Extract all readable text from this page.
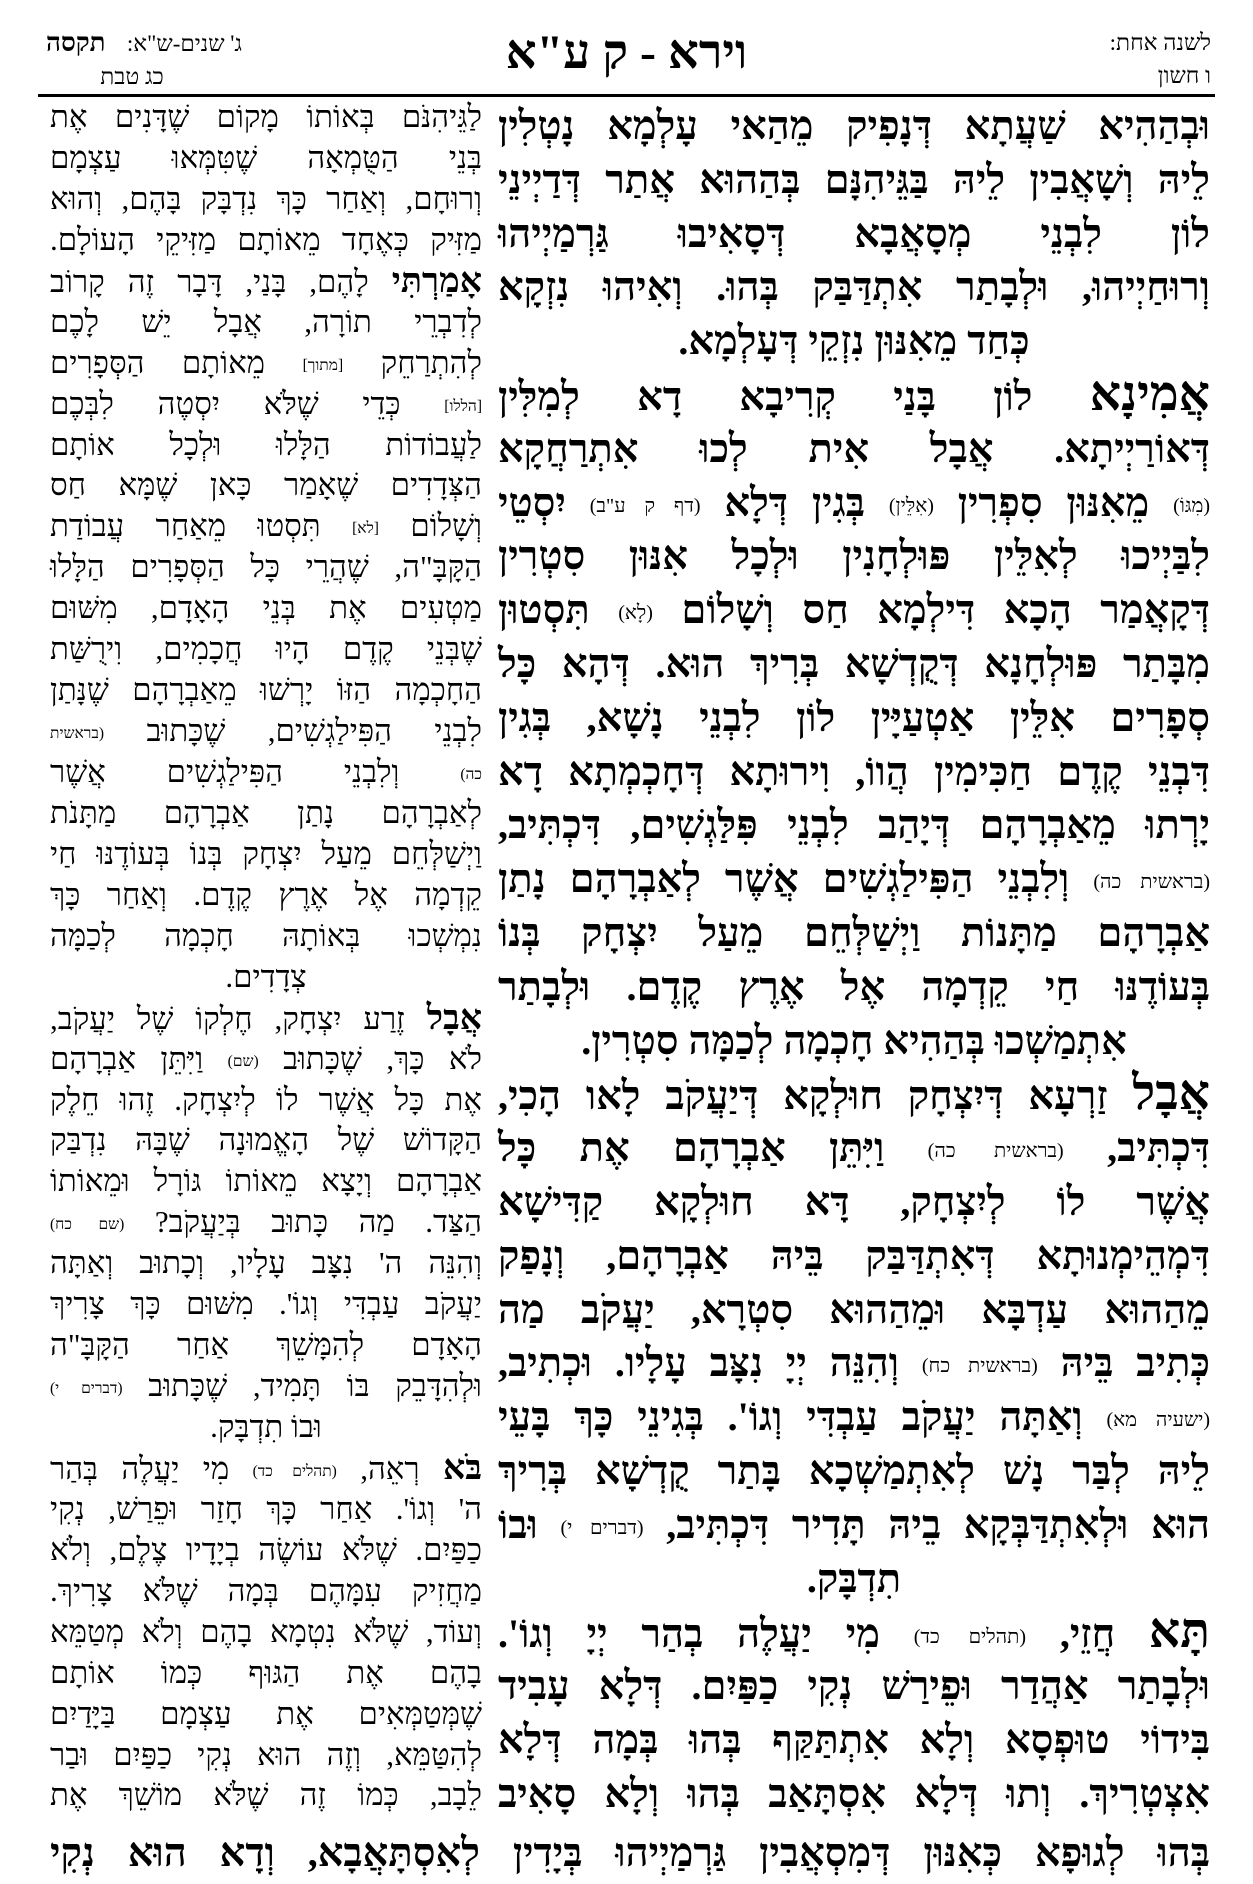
לשנה אחת:
ו חשון
וירא - ק ע"א
ג' שנים-ש"א:
תקסה
כג טבת
וּבְהַהִיא שַׁעֲתָא דְּנָפִיק מֵהַאי עָלְמָא נָטְלִין
לֵיהּ וְשָׁאֲבִין לֵיהּ בַּגֵּיהִנָּם בְּהַהוּא אֲתַר דְּדַיְינֵי
לוֹן לִבְנֵי מְסָאֲבָא דְּסָאִיבוּ גַּרְמַיְיהוּ
וְרוּחַיְיהוּ, וּלְבָתַר אִתְדַּבַּק בְּהוּ. וְאִיהוּ נִזְקָא
כְּחַד מֵאִנּוּן נִזְקֵי דְּעָלְמָא.
אֲמִינָא לוֹן בָּנַי קְרִיבָא דָא לְמִלִּין
דְּאוֹרַיְיתָא. אֲבָל אִית לְכוּ אִתְרַחֲקָא
(מִגּוֹ) מֵאִנּוּן סִפְרִין (אִלֵּין) בְּגִין דְּלָא (דף ק ע"ב) יִסְטֵי
לִבַּיְיכוּ לְאִלֵּין פּוּלְחָנִין וּלְכָל אִנּוּן סִטְרִין
דְּקָאֲמַר הָכָא דִּילְמָא חַס וְשָׁלוֹם (לָא) תִּסְטוּן
מִבָּתַר פּוּלְחָנָא דְּקֻדְשָׁא בְּרִיךְ הוּא. דְּהָא כָּל
סְפָרִים אִלֵּין אַטְעַיָּין לוֹן לִבְנֵי נָשָׁא, בְּגִין
דִּבְנֵי קֶדֶם חַכִּימִין הֲווֹ, וִירוּתָא דְּחָכְמְתָא דָא
יָרְתוּ מֵאַבְרָהָם דְּיָהַב לִבְנֵי פִּלַּגְשִׁים, דִּכְתִּיב,
(בראשית כה) וְלִבְנֵי הַפִּילַגְשִׁים אֲשֶׁר לְאַבְרָהָם נָתַן
אַבְרָהָם מַתָּנוֹת וַיְשַׁלְּחֵם מֵעַל יִצְחָק בְּנוֹ
בְּעוֹדֶנּוּ חַי קֵדְמָה אֶל אֶרֶץ קֶדֶם. וּלְבָתַר
אִתְמַשְׁכוּ בְּהַהִיא חָכְמָה לְכַמָּה סִטְרִין.
אֲבָל זַרְעָא דְּיִצְחָק חוּלְקָא דְּיַעֲקֹב לָאו הָכִי,
דִּכְתִּיב, (בראשית כה) וַיִּתֵּן אַבְרָהָם אֶת כָּל
אֲשֶׁר לוֹ לְיִצְחָק, דָּא חוּלְקָא קַדִּישָׁא
דִּמְהֵימְנוּתָא דְּאִתְדַּבַּק בֵּיהּ אַבְרָהָם, וְנָפַק
מֵהַהוּא עַדְבָּא וּמֵהַהוּא סִטְרָא, יַעֲקֹב מַה
כְּתִיב בֵּיהּ (בראשית כח) וְהִנֵּה יְיָ נִצָּב עָלָיו. וּכְתִיב,
(ישעיה מא) וְאַתָּה יַעֲקֹב עַבְדִּי וְגוֹ'. בְּגִינֵי כָּךְ בָּעֵי
לֵיהּ לְבַּר נָשׁ לְאִתְמַשְׁכָא בָּתַר קֻדְשָׁא בְּרִיךְ
הוּא וּלְאִתְדַּבְּקָא בֵיהּ תָּדִיר דִּכְתִּיב, (דברים י) וּבוֹ
תִדְבָּק.
תָּא חֲזֵי, (תהלים כד) מִי יַעֲלֶה בְהַר יְיָ וְגוֹ'.
וּלְבָתַר אַהֲדַר וּפֵירַשׁ נְקִי כַפַּיִם. דְּלָא עָבִיד
בִּידוֹי טוּפְסָא וְלָא אִתְתַּקַּף בְּהוּ בְּמָה דְּלָא
אִצְטְרִיךְ. וְתוּ דְּלָא אִסְתָּאַב בְּהוּ וְלָא סָאִיב
לַגֵּיהִנֹּם בְּאוֹתוֹ מָקוֹם שֶׁדָּנִים אֶת
בְּנֵי הַטֻּמְאָה שֶׁטִּמְּאוּ עַצְמָם
וְרוּחָם, וְאַחַר כָּךְ נִדְבָּק בָּהֶם, וְהוּא
מַזִּיק כְּאֶחָד מֵאוֹתָם מַזִּיקֵי הָעוֹלָם.
אָמַרְתִּי לָהֶם, בָּנַי, דָּבָר זֶה קָרוֹב
לְדִבְרֵי תוֹרָה, אֲבָל יֵשׁ לָכֶם
לְהִתְרַחֵק [מתוך] מֵאוֹתָם הַסְּפָרִים
[הללו] כְּדֵי שֶׁלֹּא יִסְטֶה לִבְּכֶם
לַעֲבוֹדוֹת הַלָּלוּ וּלְכָל אוֹתָם
הַצְּדָדִים שֶׁאָמַר כָּאן שֶׁמָּא חַס
וְשָׁלוֹם [לא] תִּסְטוּ מֵאַחַר עֲבוֹדַת
הַקָּבָּ"ה, שֶׁהֲרֵי כָּל הַסְּפָרִים הַלָּלוּ
מַטְעִים אֶת בְּנֵי הָאָדָם, מִשּׁוּם
שֶׁבְּנֵי קֶדֶם הָיוּ חֲכָמִים, וִירֻשַּׁת
הַחָכְמָה הַזּוֹ יָרְשׁוּ מֵאַבְרָהָם שֶׁנָּתַן
לִבְנֵי הַפִּילַגְשִׁים, שֶׁכָּתוּב (בראשית
כה) וְלִבְנֵי הַפִּילַגְשִׁים אֲשֶׁר
לְאַבְרָהָם נָתַן אַבְרָהָם מַתָּנֹת
וַיְשַׁלְּחֵם מֵעַל יִצְחָק בְּנוֹ בְּעוֹדֶנּוּ חַי
קֵדְמָה אֶל אֶרֶץ קֶדֶם. וְאַחַר כָּךְ
נִמְשְׁכוּ בְּאוֹתָהּ חָכְמָה לְכַמָּה
צְדָדִים.
אֲבָל זֶרַע יִצְחָק, חֶלְקוֹ שֶׁל יַעֲקֹב,
לֹא כָּךְ, שֶׁכָּתוּב (שם) וַיִּתֵּן אַבְרָהָם
אֶת כָּל אֲשֶׁר לוֹ לְיִצְחָק. זֶהוּ חֵלֶק
הַקָּדוֹשׁ שֶׁל הָאֱמוּנָה שֶׁבָּהּ נִדְבַּק
אַבְרָהָם וְיָצָא מֵאוֹתוֹ גּוֹרָל וּמֵאוֹתוֹ
הַצַּד. מַה כָּתוּב בְּיַעֲקֹב? (שם כח)
וְהִנֵּה ה' נִצָּב עָלָיו, וְכָתוּב וְאַתָּה
יַעֲקֹב עַבְדִּי וְגוֹ'. מִשּׁוּם כָּךְ צָרִיךְ
הָאָדָם לְהִמָּשֵׁךְ אַחַר הַקָּבָּ"ה
וּלְהִדָּבֵק בּוֹ תָּמִיד, שֶׁכָּתוּב (דברים י)
וּבוֹ תִדְבָּק.
בֹּא רְאֵה, (תהלים כד) מִי יַעֲלֶה בְּהַר
ה' וְגוֹ'. אַחַר כָּךְ חָזַר וּפֵרַשׁ, נְקִי
כַפַּיִם. שֶׁלֹּא עוֹשֶׂה בְיָדָיו צֶלֶם, וְלֹא
מַחֲזִיק עִמָּהֶם בְּמָה שֶׁלֹּא צָרִיךְ.
וְעוֹד, שֶׁלֹּא נִטְמָא בָהֶם וְלֹא מְטַמֵּא
בָהֶם אֶת הַגּוּף כְּמוֹ אוֹתָם
שֶׁמְּטַמְּאִים אֶת עַצְמָם בַּיָּדַיִם
לְהִטַּמֵּא, וְזֶה הוּא נְקִי כַפַּיִם וּבַר
לֵבָב, כְּמוֹ זֶה שֶׁלֹּא מוֹשֵׁךְ אֶת
בְּהוּ לְגוּפָא כְּאִנּוּן דְּמִסְאֲבִין גַּרְמַיְיהוּ בְּיָדִין לְאִסְתָּאֲבָא, וְדָא הוּא נְקִי
